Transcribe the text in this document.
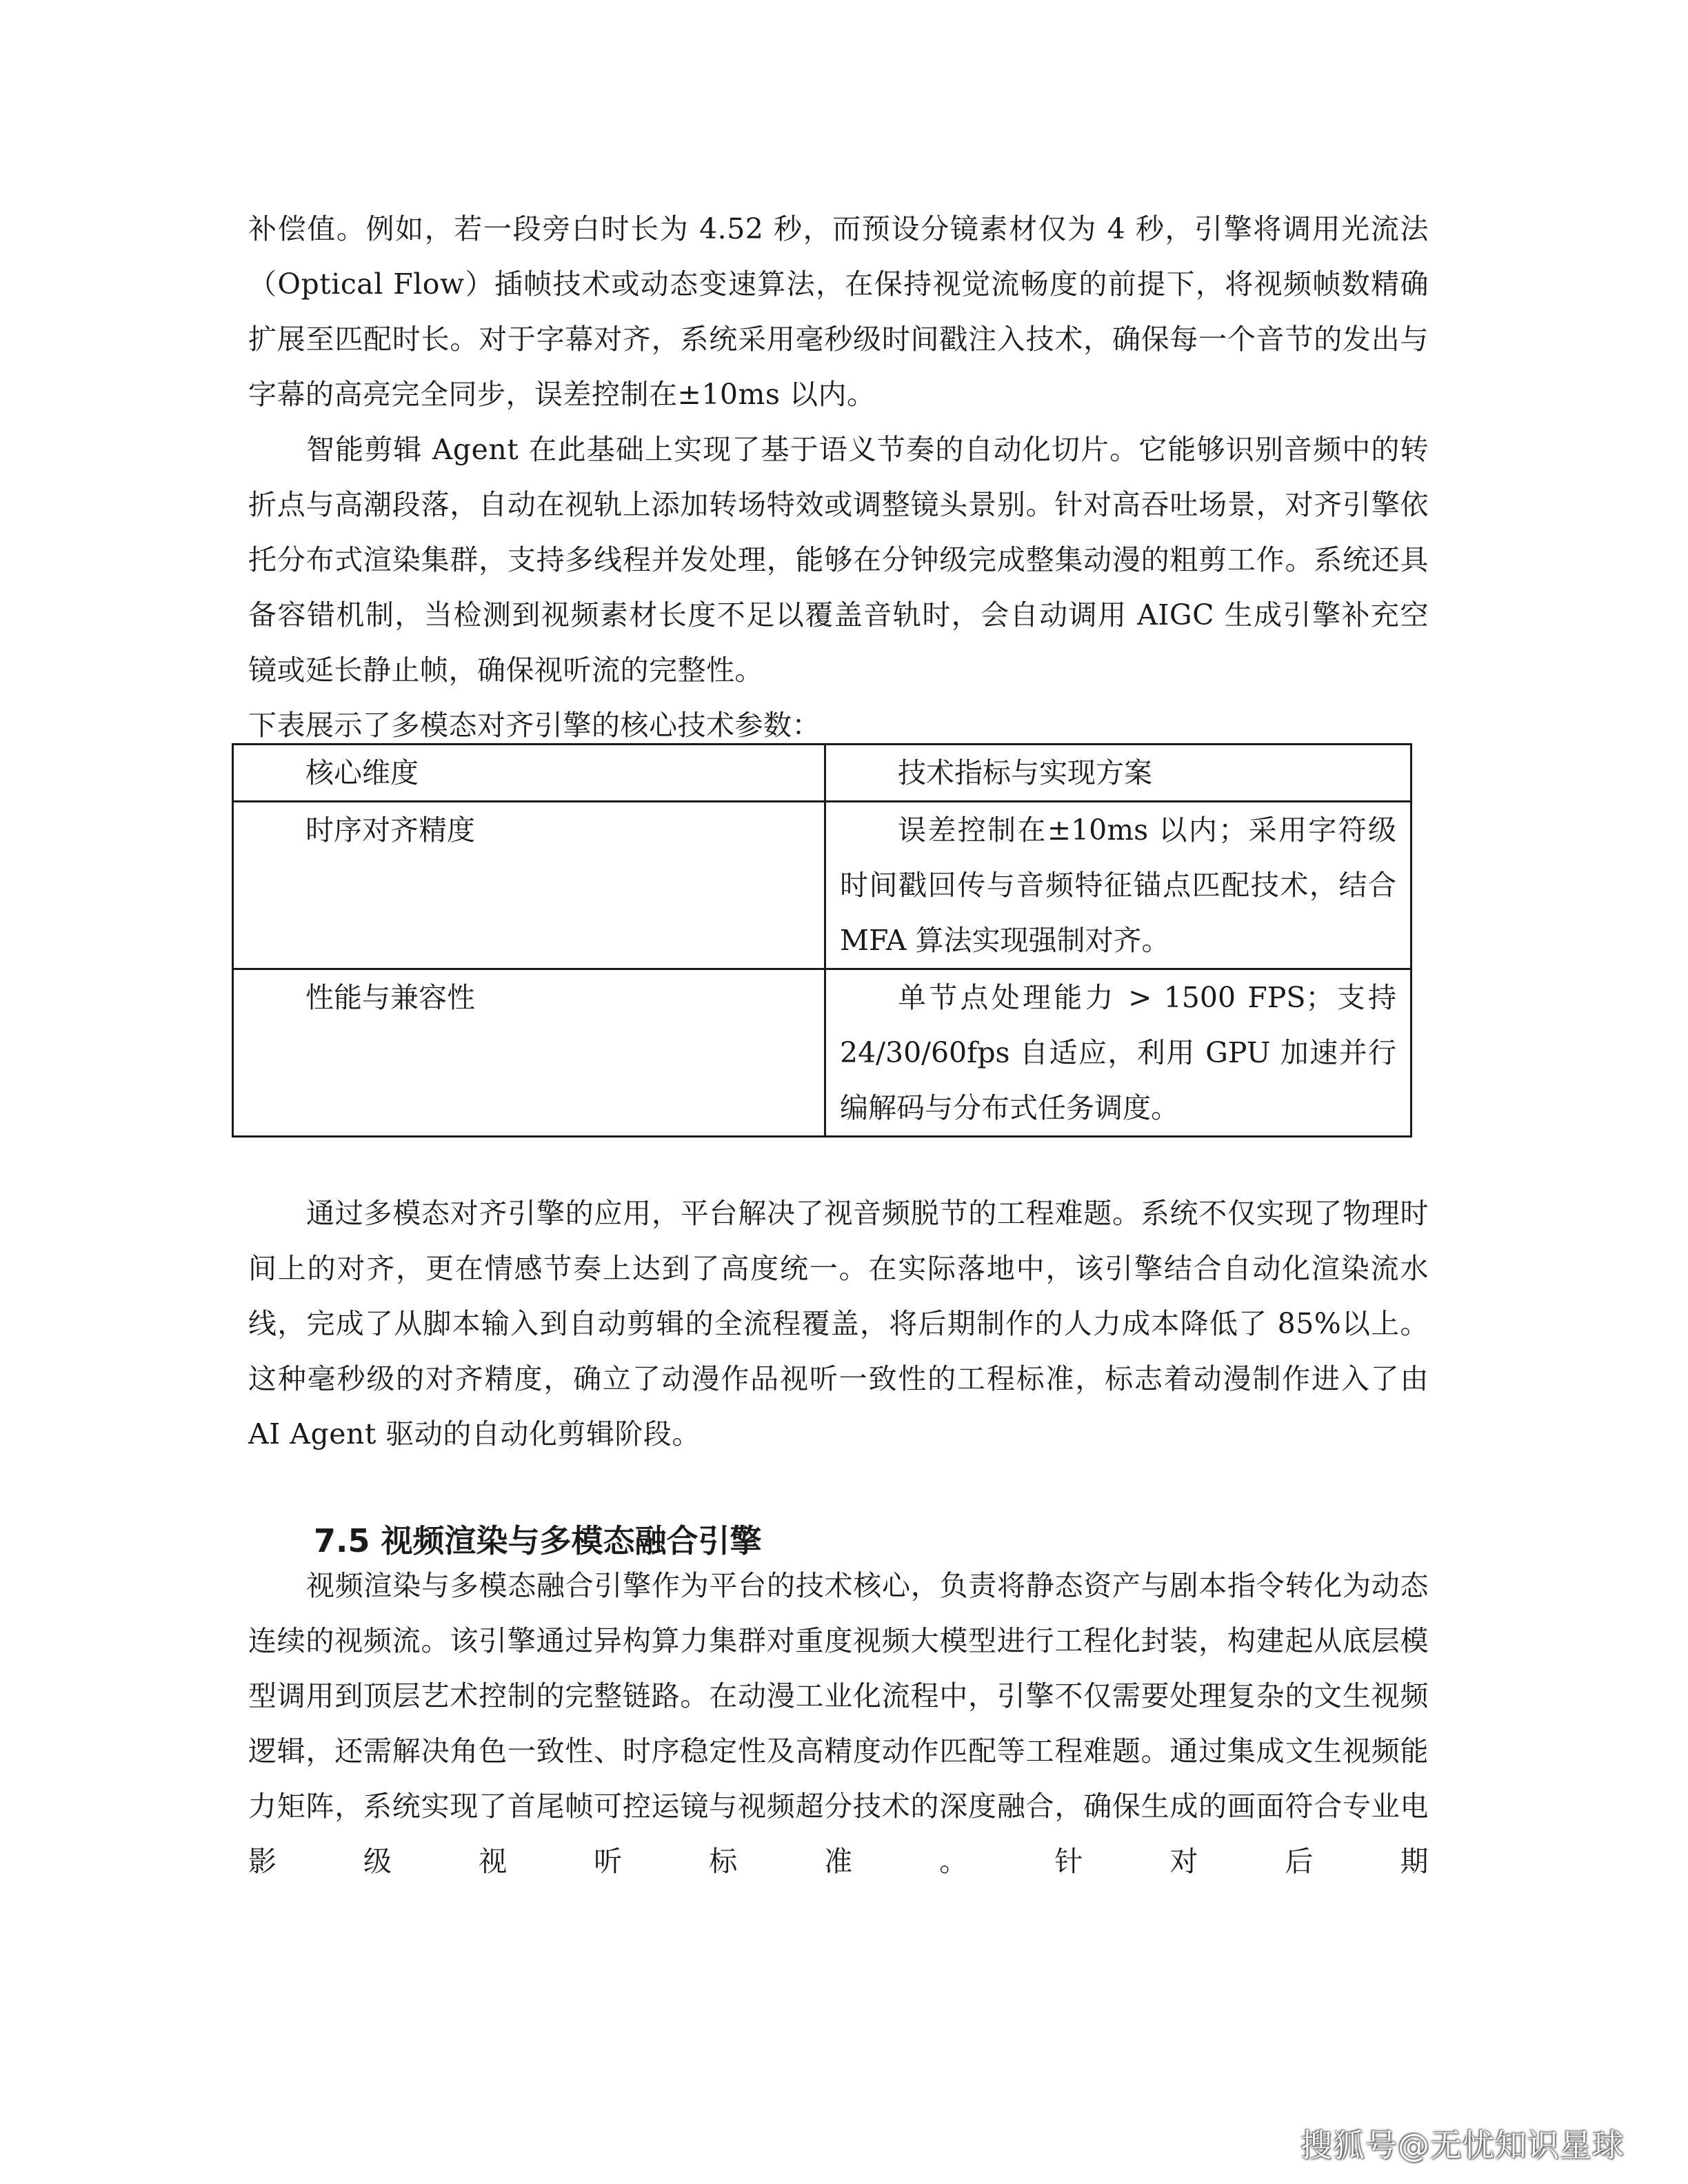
补偿值。例如，若一段旁白时长为 4.52 秒，而预设分镜素材仅为 4 秒，引擎将调用光流法（Optical Flow）插帧技术或动态变速算法，在保持视觉流畅度的前提下，将视频帧数精确扩展至匹配时长。对于字幕对齐，系统采用毫秒级时间戳注入技术，确保每一个音节的发出与字幕的高亮完全同步，误差控制在±10ms 以内。

智能剪辑 Agent 在此基础上实现了基于语义节奏的自动化切片。它能够识别音频中的转折点与高潮段落，自动在视轨上添加转场特效或调整镜头景别。针对高吞吐场景，对齐引擎依托分布式渲染集群，支持多线程并发处理，能够在分钟级完成整集动漫的粗剪工作。系统还具备容错机制，当检测到视频素材长度不足以覆盖音轨时，会自动调用 AIGC 生成引擎补充空镜或延长静止帧，确保视听流的完整性。

下表展示了多模态对齐引擎的核心技术参数：

核心维度	技术指标与实现方案

时序对齐精度	误差控制在±10ms 以内；采用字符级时间戳回传与音频特征锚点匹配技术，结合 MFA 算法实现强制对齐。

性能与兼容性	单节点处理能力 > 1500 FPS；支持 24/30/60fps 自适应，利用 GPU 加速并行编解码与分布式任务调度。

通过多模态对齐引擎的应用，平台解决了视音频脱节的工程难题。系统不仅实现了物理时间上的对齐，更在情感节奏上达到了高度统一。在实际落地中，该引擎结合自动化渲染流水线，完成了从脚本输入到自动剪辑的全流程覆盖，将后期制作的人力成本降低了 85%以上。这种毫秒级的对齐精度，确立了动漫作品视听一致性的工程标准，标志着动漫制作进入了由 AI Agent 驱动的自动化剪辑阶段。

7.5 视频渲染与多模态融合引擎

视频渲染与多模态融合引擎作为平台的技术核心，负责将静态资产与剧本指令转化为动态连续的视频流。该引擎通过异构算力集群对重度视频大模型进行工程化封装，构建起从底层模型调用到顶层艺术控制的完整链路。在动漫工业化流程中，引擎不仅需要处理复杂的文生视频逻辑，还需解决角色一致性、时序稳定性及高精度动作匹配等工程难题。通过集成文生视频能力矩阵，系统实现了首尾帧可控运镜与视频超分技术的深度融合，确保生成的画面符合专业电影级视听标准。针对后期

搜狐号@无忧知识星球
